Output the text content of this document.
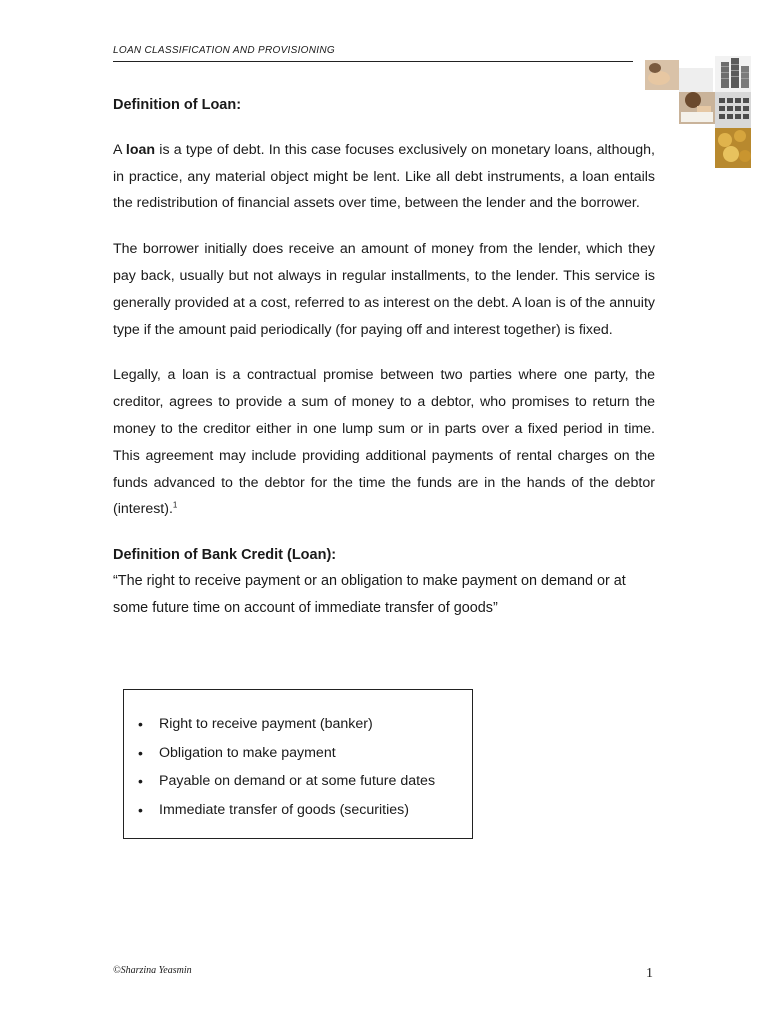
LOAN CLASSIFICATION AND PROVISIONING
Definition of Loan:

A loan is a type of debt. In this case focuses exclusively on monetary loans, although, in practice, any material object might be lent. Like all debt instruments, a loan entails the redistribution of financial assets over time, between the lender and the borrower.

The borrower initially does receive an amount of money from the lender, which they pay back, usually but not always in regular installments, to the lender. This service is generally provided at a cost, referred to as interest on the debt. A loan is of the annuity type if the amount paid periodically (for paying off and interest together) is fixed.

Legally, a loan is a contractual promise between two parties where one party, the creditor, agrees to provide a sum of money to a debtor, who promises to return the money to the creditor either in one lump sum or in parts over a fixed period in time. This agreement may include providing additional payments of rental charges on the funds advanced to the debtor for the time the funds are in the hands of the debtor (interest).$^1$

Definition of Bank Credit (Loan):

“The right to receive payment or an obligation to make payment on demand or at some future time on account of immediate transfer of goods”

• Right to receive payment (banker)
• Obligation to make payment
• Payable on demand or at some future dates
• Immediate transfer of goods (securities)
©Sharzina Yeasmin	1
